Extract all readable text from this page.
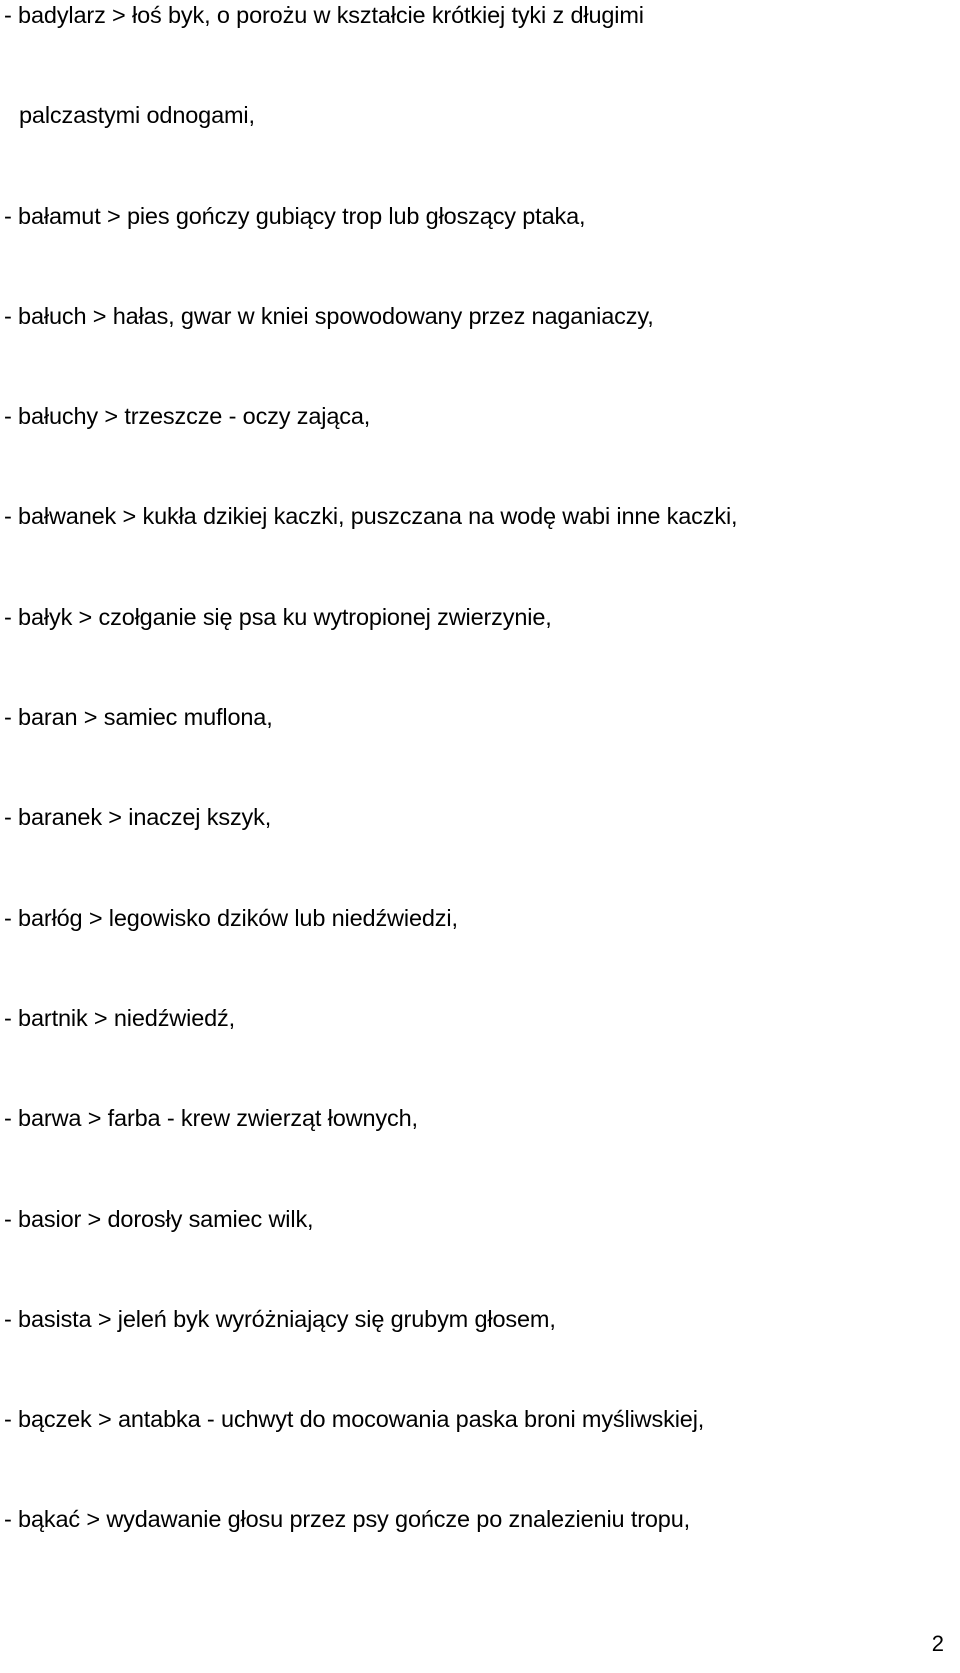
- badylarz > łoś byk, o porożu w kształcie krótkiej tyki z długimi
palczastymi odnogami,
- bałamut > pies gończy gubiący trop lub głoszący ptaka,
- bałuch > hałas, gwar w kniei spowodowany przez naganiaczy,
- bałuchy > trzeszcze - oczy zająca,
- bałwanek > kukła dzikiej kaczki, puszczana na wodę wabi inne kaczki,
- bałyk > czołganie się psa ku wytropionej zwierzynie,
- baran > samiec muflona,
- baranek > inaczej kszyk,
- barłóg > legowisko dzików lub niedźwiedzi,
- bartnik > niedźwiedź,
- barwa > farba - krew zwierząt łownych,
- basior > dorosły samiec wilk,
- basista > jeleń byk wyróżniający się grubym głosem,
- bączek > antabka - uchwyt do mocowania paska broni myśliwskiej,
- bąkać > wydawanie głosu przez psy gończe po znalezieniu tropu,
2
